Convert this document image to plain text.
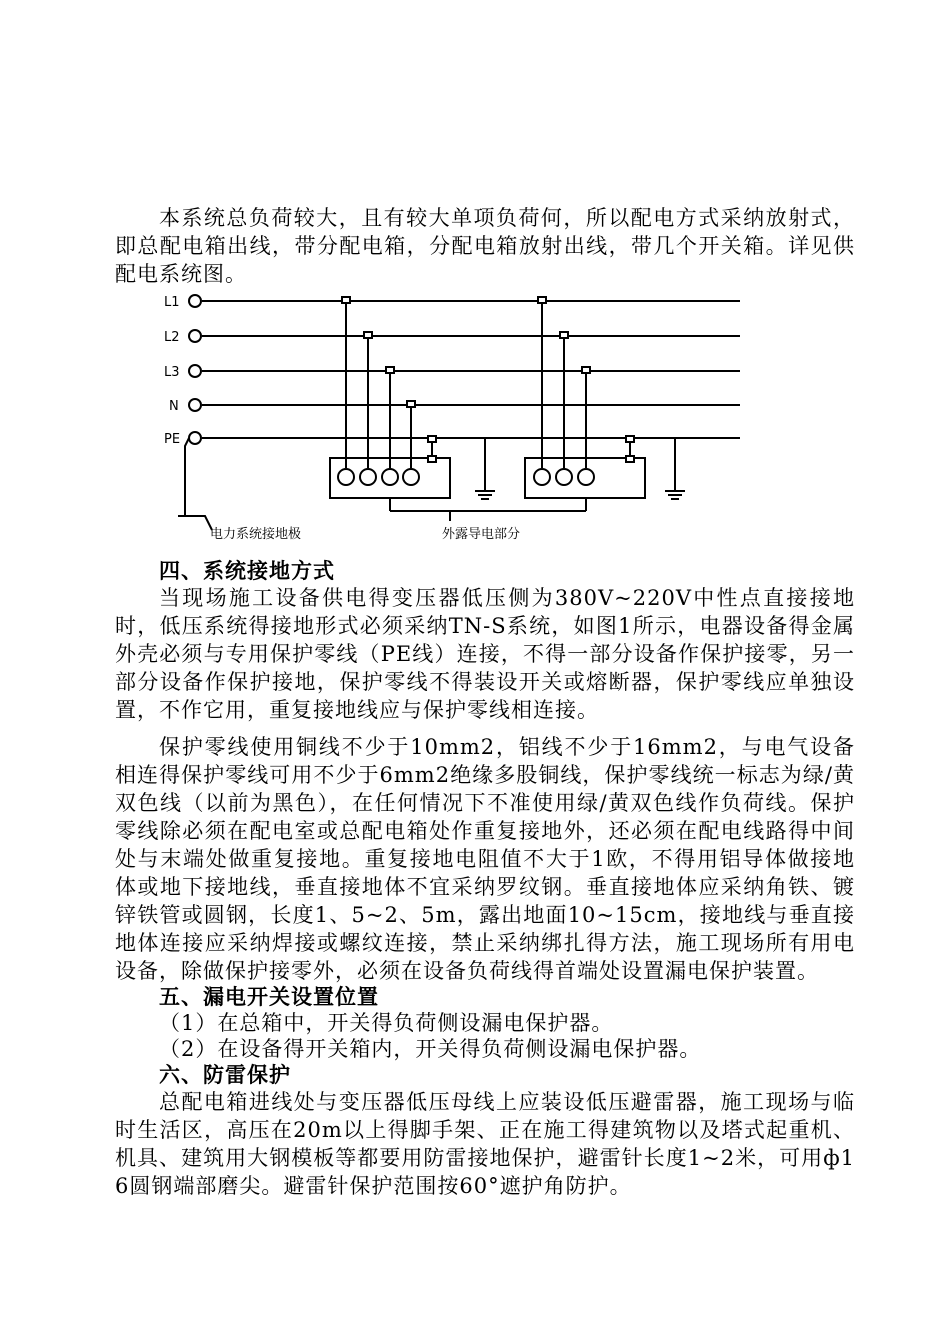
本系统总负荷较大，且有较大单项负荷何，所以配电方式采纳放射式，即总配电箱出线，带分配电箱，分配电箱放射出线，带几个开关箱。详见供配电系统图。

L1
L2
L3
N
PE
电力系统接地极	外露导电部分

四、系统接地方式

当现场施工设备供电得变压器低压侧为380V~220V中性点直接接地时，低压系统得接地形式必须采纳TN-S系统，如图1所示，电器设备得金属外壳必须与专用保护零线（PE线）连接，不得一部分设备作保护接零，另一部分设备作保护接地，保护零线不得装设开关或熔断器，保护零线应单独设置，不作它用，重复接地线应与保护零线相连接。

保护零线使用铜线不少于10mm2，铝线不少于16mm2，与电气设备相连得保护零线可用不少于6mm2绝缘多股铜线，保护零线统一标志为绿/黄双色线（以前为黑色），在任何情况下不准使用绿/黄双色线作负荷线。保护零线除必须在配电室或总配电箱处作重复接地外，还必须在配电线路得中间处与末端处做重复接地。重复接地电阻值不大于1欧，不得用铝导体做接地体或地下接地线，垂直接地体不宜采纳罗纹钢。垂直接地体应采纳角铁、镀锌铁管或圆钢，长度1、5~2、5m，露出地面10~15cm，接地线与垂直接地体连接应采纳焊接或螺纹连接，禁止采纳绑扎得方法，施工现场所有用电设备，除做保护接零外，必须在设备负荷线得首端处设置漏电保护装置。

五、漏电开关设置位置

（1）在总箱中，开关得负荷侧设漏电保护器。

（2）在设备得开关箱内，开关得负荷侧设漏电保护器。

六、防雷保护

总配电箱进线处与变压器低压母线上应装设低压避雷器，施工现场与临时生活区，高压在20m以上得脚手架、正在施工得建筑物以及塔式起重机、机具、建筑用大钢模板等都要用防雷接地保护，避雷针长度1~2米，可用ф16圆钢端部磨尖。避雷针保护范围按60°遮护角防护。
